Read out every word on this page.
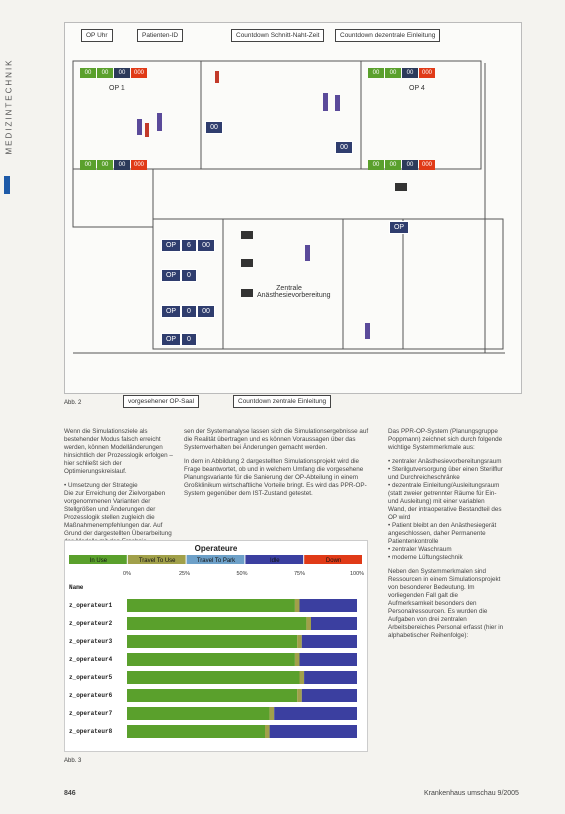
MEDIZINTECHNIK
OP Uhr	Patienten-ID	Countdown Schnitt-Naht-Zeit	Countdown dezentrale Einleitung
00	00	00	000	00	00	00	000
00	00	00	000	00	00	00	000
OP 1	OP 4
Zentrale Anästhesievorbereitung
OP	6	00
OP	0
OP	0	00
OP	0
OP
00
00
vorgesehener OP-Saal	Countdown zentrale Einleitung
Abb. 2

Wenn die Simulationsziele als bestehender Modus falsch erreicht werden, können Modelländerungen hinsichtlich der Prozesslogik erfolgen – hier schließt sich der Optimierungskreislauf.

• Umsetzung der Strategie

Die zur Erreichung der Zielvorgaben vorgenommenen Varianten der Stellgrößen und Änderungen der Prozesslogik stellen zugleich die Maßnahmenempfehlungen dar. Auf Grund der dargestellten Überarbeitung

sen der Systemanalyse lassen sich die Simulationsergebnisse auf die Realität übertragen und es können Voraussagen über das Systemverhalten bei Änderungen gemacht werden.

In dem in Abbildung 2 dargestellten Simulationsprojekt wird die Frage beantwortet, ob und in welchem Umfang die vorgesehene Planungsvariante für die Sanierung der OP-Abteilung in einem Großklinikum wirtschaftliche Vorteile bringt. Es wird das PPR-OP-System gegenüber dem IST-Zustand getestet.

Das PPR-OP-System (Planungsgruppe Poppmann) zeichnet sich durch folgende wichtige Systemmerkmale aus:

• zentraler Anästhesievorbereitungsraum
• Sterilgutversorgung über einen Sterilflur und Durchreicheschränke
• dezentrale Einleitung/Ausleitungsraum (statt zweier getrennter Räume für Ein- und Ausleitung) mit einer variablen Wand, der intraoperative Bestandteil des OP wird
• Patient bleibt an den Anästhesiegerät angeschlossen, daher Permanente Patientenkontrolle
• zentraler Waschraum
• moderne Lüftungstechnik

Neben den Systemmerkmalen sind Ressourcen in einem Simulationsprojekt von besonderer Bedeutung. Im vorliegenden Fall galt die Aufmerksamkeit besonders den Personalressourcen. Es wurden die Aufgaben von drei zentralen Arbeitsbereiches Personal erfasst (hier in alphabetischer Reihenfolge):

Operateure
In Use	Travel To Use	Travel To Park	Idle	Down
0%	25%	50%	75%	100%
Name
z_operateur1
z_operateur2
z_operateur3
z_operateur4
z_operateur5
z_operateur6
z_operateur7
z_operateur8
Abb. 3
846	Krankenhaus umschau 9/2005
